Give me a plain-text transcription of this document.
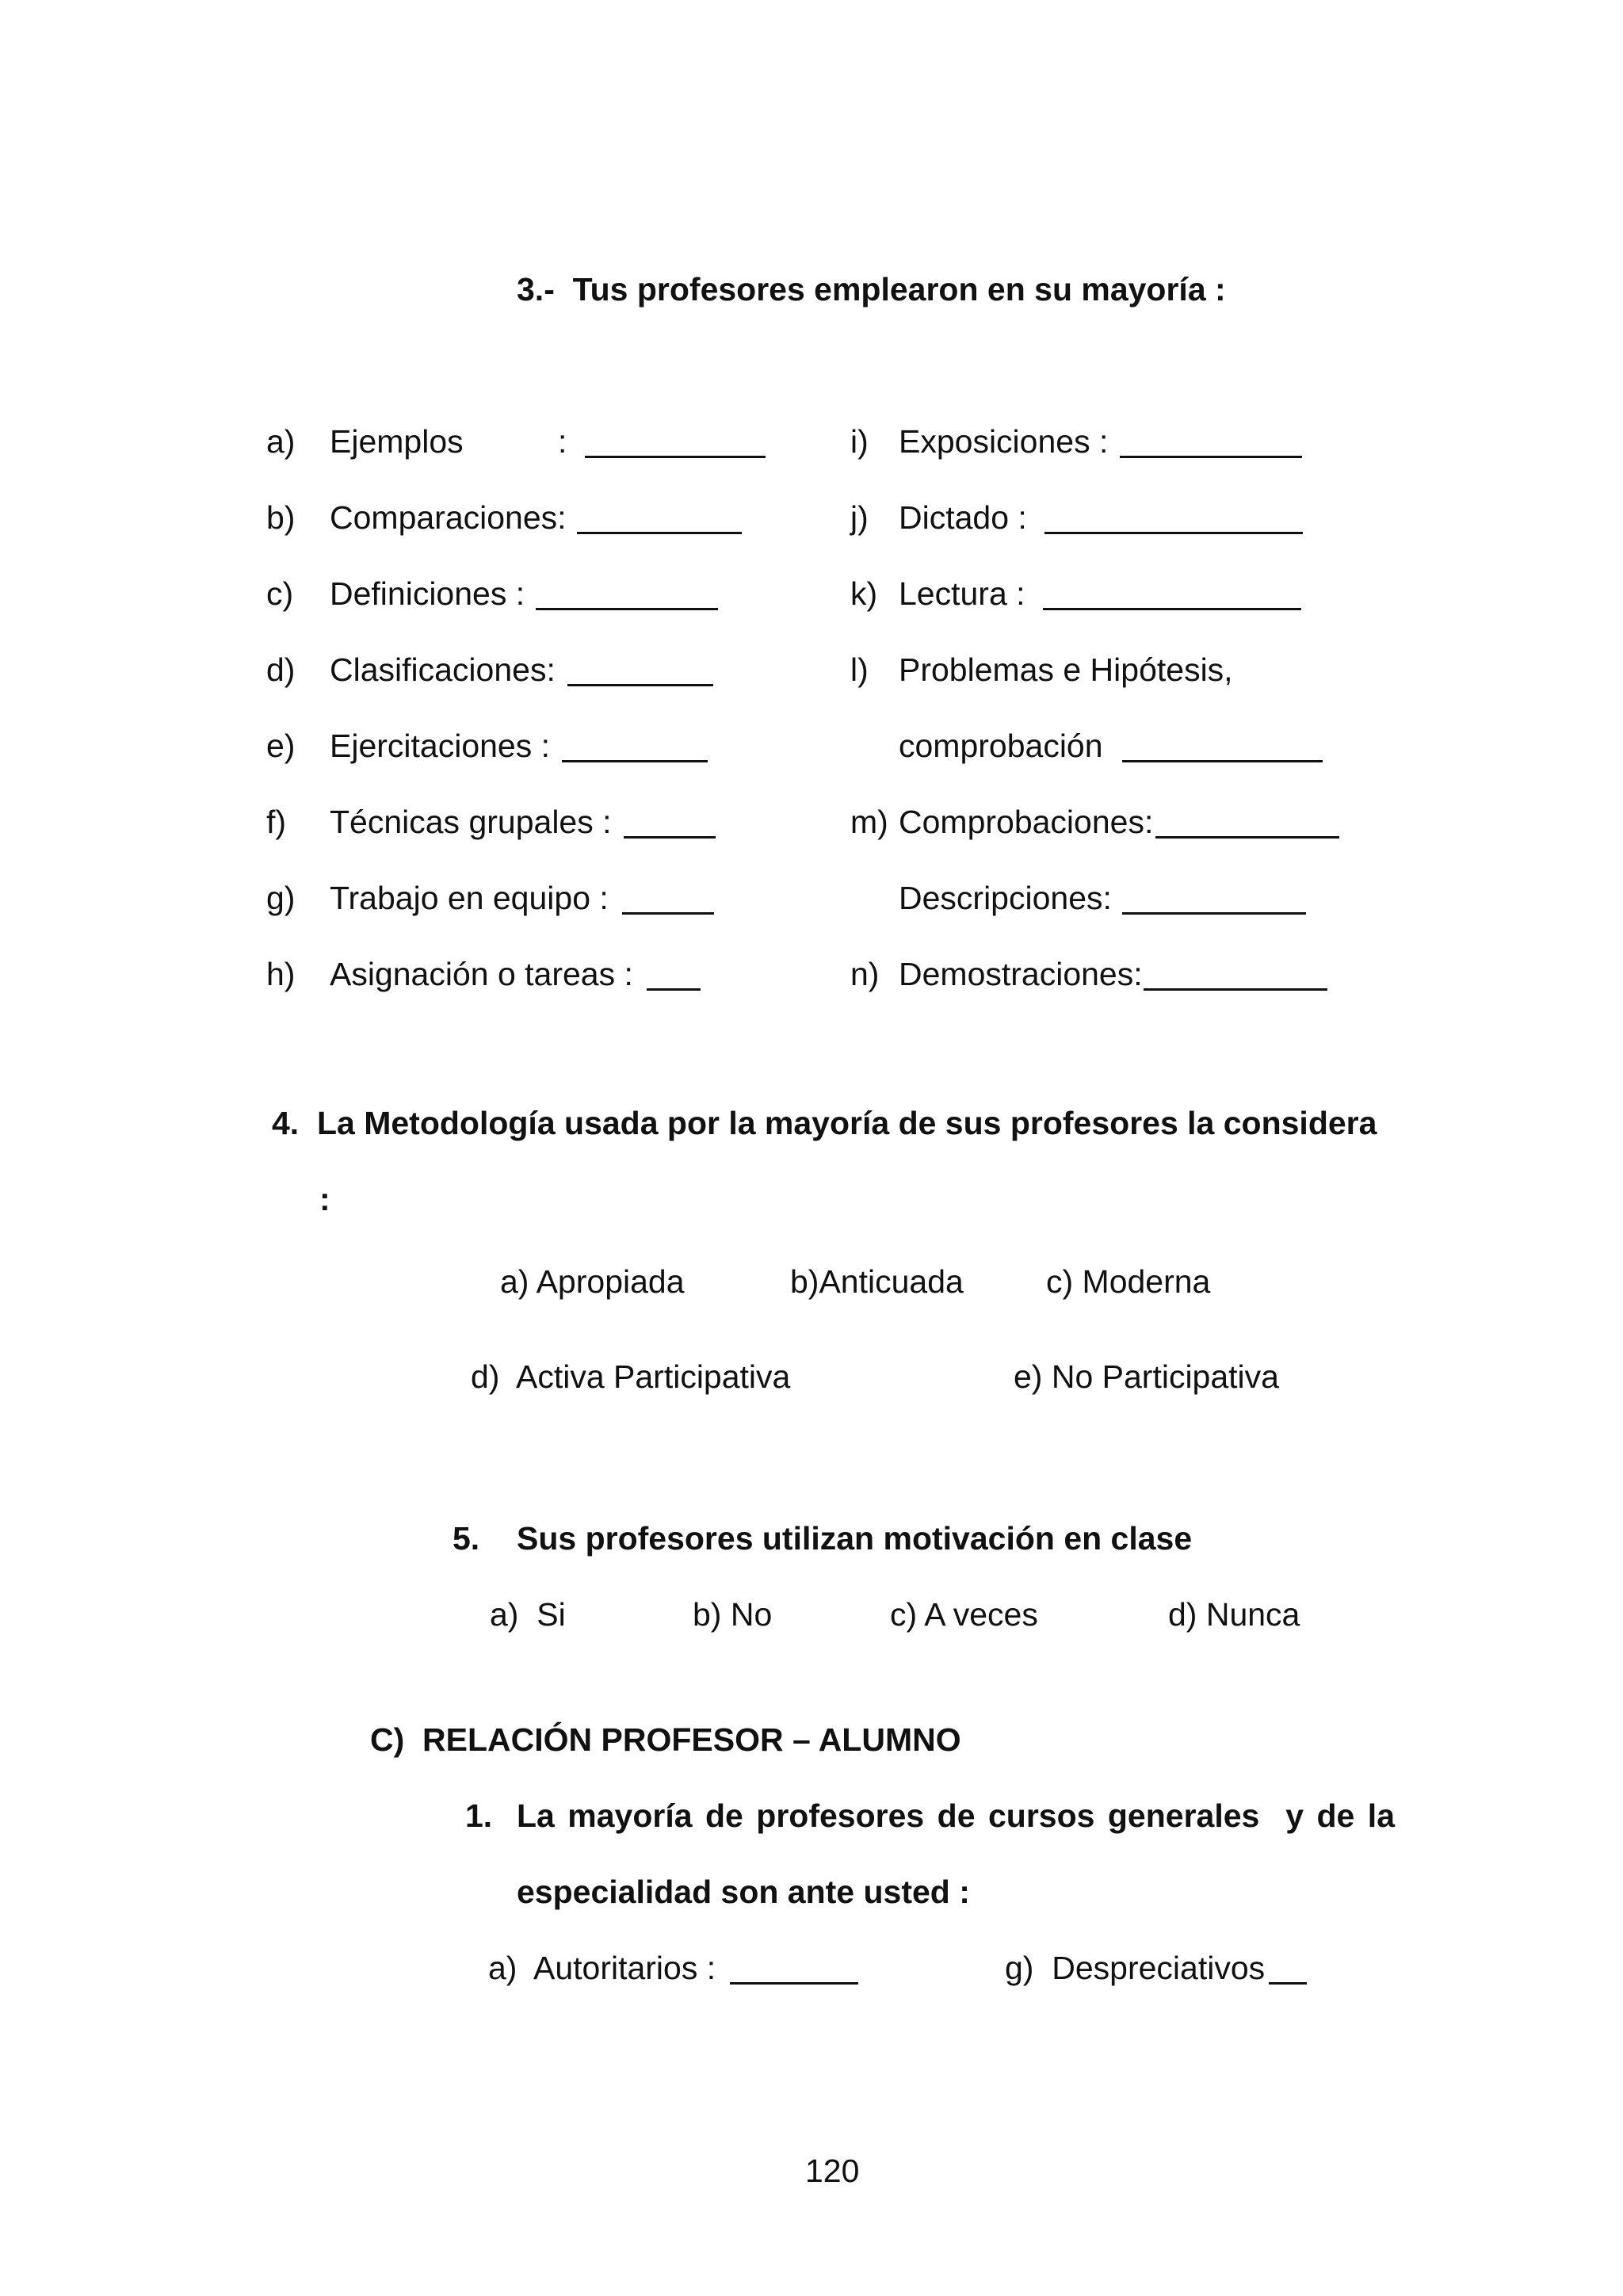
3.-  Tus profesores emplearon en su mayoría :
a) Ejemplos	:
b) Comparaciones:
c) Definiciones :
d) Clasificaciones:
e) Ejercitaciones :
f) Técnicas grupales :
g) Trabajo en equipo :
h) Asignación o tareas :
i) Exposiciones :
j) Dictado :
k) Lectura :
l) Problemas e Hipótesis,
comprobación
m) Comprobaciones:
Descripciones:
n) Demostraciones:
4.  La Metodología usada por la mayoría de sus profesores la considera
:
a) Apropiada	b)Anticuada	c) Moderna
d)  Activa Participativa	e) No Participativa
5. Sus profesores utilizan motivación en clase
a)  Si	b) No	c) A veces	d) Nunca
C)  RELACIÓN PROFESOR – ALUMNO
1. La mayoría de profesores de cursos generales  y de la
especialidad son ante usted :
a)  Autoritarios :	g)  Despreciativos
120
